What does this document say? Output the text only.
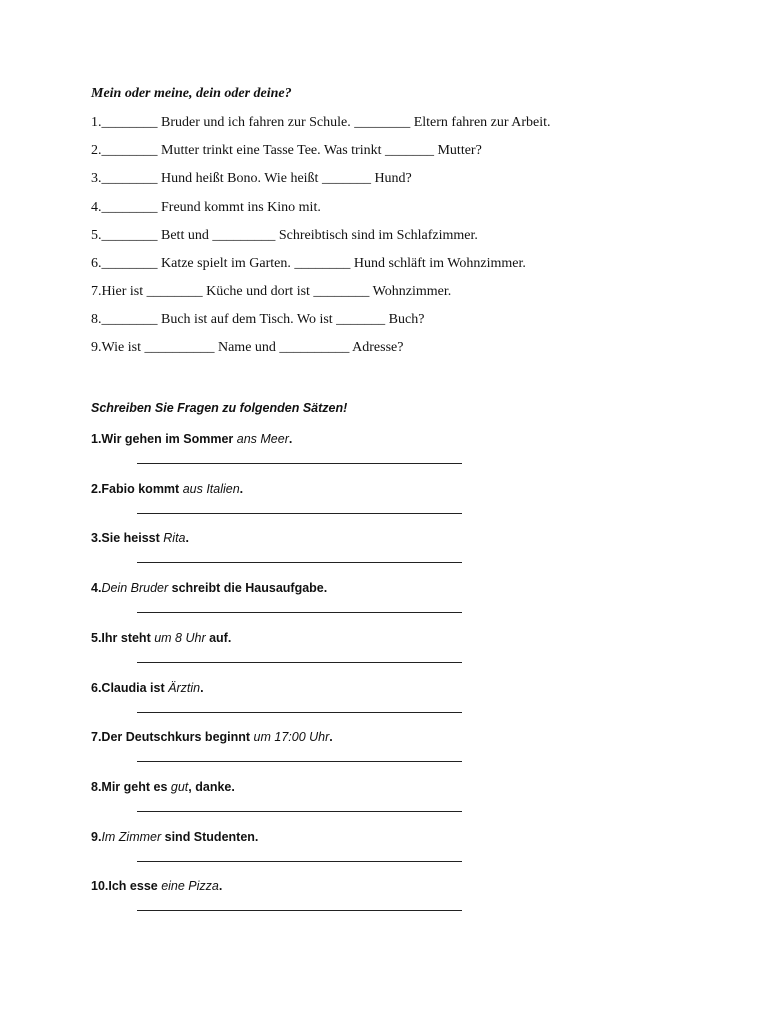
Mein oder meine, dein oder deine?
1.________ Bruder und ich fahren zur Schule. ________ Eltern fahren zur Arbeit.
2.________ Mutter trinkt eine Tasse Tee. Was trinkt _______ Mutter?
3.________ Hund heißt Bono. Wie heißt _______ Hund?
4.________ Freund kommt ins Kino mit.
5.________ Bett und _________ Schreibtisch sind im Schlafzimmer.
6.________ Katze spielt im Garten. ________ Hund schläft im Wohnzimmer.
7.Hier ist ________ Küche und dort ist ________ Wohnzimmer.
8.________ Buch ist auf dem Tisch. Wo ist _______ Buch?
9.Wie ist __________ Name und __________ Adresse?
Schreiben Sie Fragen zu folgenden Sätzen!
1.Wir gehen im Sommer ans Meer.
2.Fabio kommt aus Italien.
3.Sie heisst Rita.
4.Dein Bruder schreibt die Hausaufgabe.
5.Ihr steht um 8 Uhr auf.
6.Claudia ist Ärztin.
7.Der Deutschkurs beginnt um 17:00 Uhr.
8.Mir geht es gut, danke.
9.Im Zimmer sind Studenten.
10.Ich esse eine Pizza.
